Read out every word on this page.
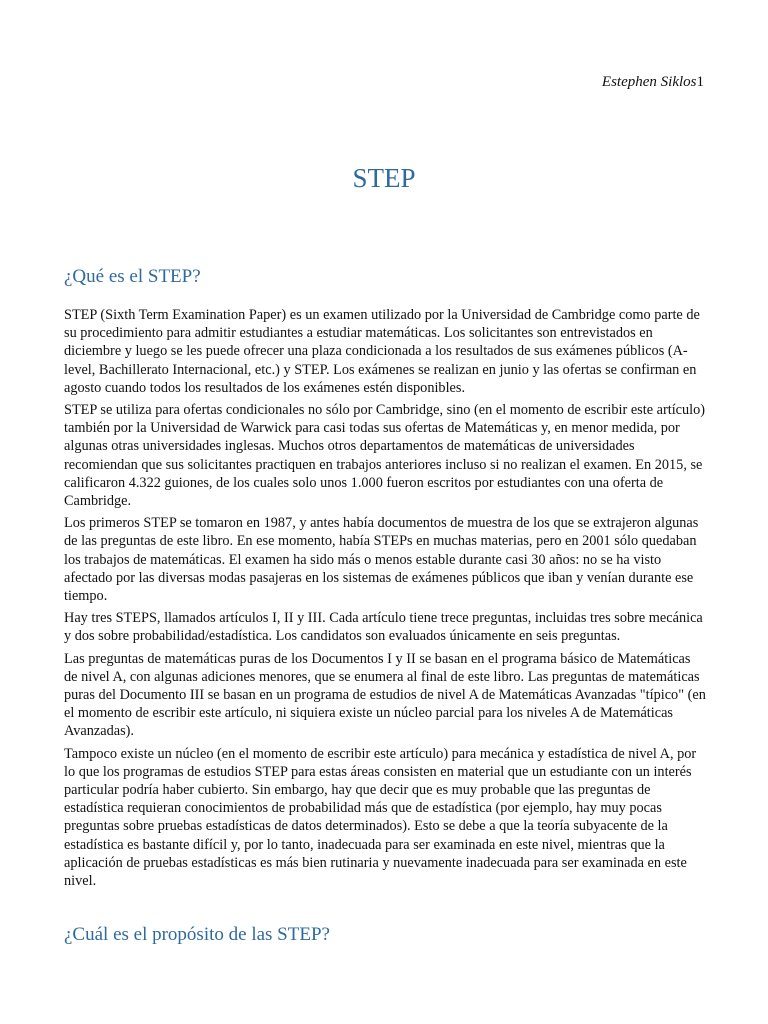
Estephen Siklos1
STEP
¿Qué es el STEP?

STEP (Sixth Term Examination Paper) es un examen utilizado por la Universidad de Cambridge como parte de su procedimiento para admitir estudiantes a estudiar matemáticas. Los solicitantes son entrevistados en diciembre y luego se les puede ofrecer una plaza condicionada a los resultados de sus exámenes públicos (A-level, Bachillerato Internacional, etc.) y STEP. Los exámenes se realizan en junio y las ofertas se confirman en agosto cuando todos los resultados de los exámenes estén disponibles.

STEP se utiliza para ofertas condicionales no sólo por Cambridge, sino (en el momento de escribir este artículo) también por la Universidad de Warwick para casi todas sus ofertas de Matemáticas y, en menor medida, por algunas otras universidades inglesas. Muchos otros departamentos de matemáticas de universidades recomiendan que sus solicitantes practiquen en trabajos anteriores incluso si no realizan el examen. En 2015, se calificaron 4.322 guiones, de los cuales solo unos 1.000 fueron escritos por estudiantes con una oferta de Cambridge.

Los primeros STEP se tomaron en 1987, y antes había documentos de muestra de los que se extrajeron algunas de las preguntas de este libro. En ese momento, había STEPs en muchas materias, pero en 2001 sólo quedaban los trabajos de matemáticas. El examen ha sido más o menos estable durante casi 30 años: no se ha visto afectado por las diversas modas pasajeras en los sistemas de exámenes públicos que iban y venían durante ese tiempo.

Hay tres STEPS, llamados artículos I, II y III. Cada artículo tiene trece preguntas, incluidas tres sobre mecánica y dos sobre probabilidad/estadística. Los candidatos son evaluados únicamente en seis preguntas.

Las preguntas de matemáticas puras de los Documentos I y II se basan en el programa básico de Matemáticas de nivel A, con algunas adiciones menores, que se enumera al final de este libro. Las preguntas de matemáticas puras del Documento III se basan en un programa de estudios de nivel A de Matemáticas Avanzadas "típico" (en el momento de escribir este artículo, ni siquiera existe un núcleo parcial para los niveles A de Matemáticas Avanzadas).

Tampoco existe un núcleo (en el momento de escribir este artículo) para mecánica y estadística de nivel A, por lo que los programas de estudios STEP para estas áreas consisten en material que un estudiante con un interés particular podría haber cubierto. Sin embargo, hay que decir que es muy probable que las preguntas de estadística requieran conocimientos de probabilidad más que de estadística (por ejemplo, hay muy pocas preguntas sobre pruebas estadísticas de datos determinados). Esto se debe a que la teoría subyacente de la estadística es bastante difícil y, por lo tanto, inadecuada para ser examinada en este nivel, mientras que la aplicación de pruebas estadísticas es más bien rutinaria y nuevamente inadecuada para ser examinada en este nivel.

¿Cuál es el propósito de las STEP?
